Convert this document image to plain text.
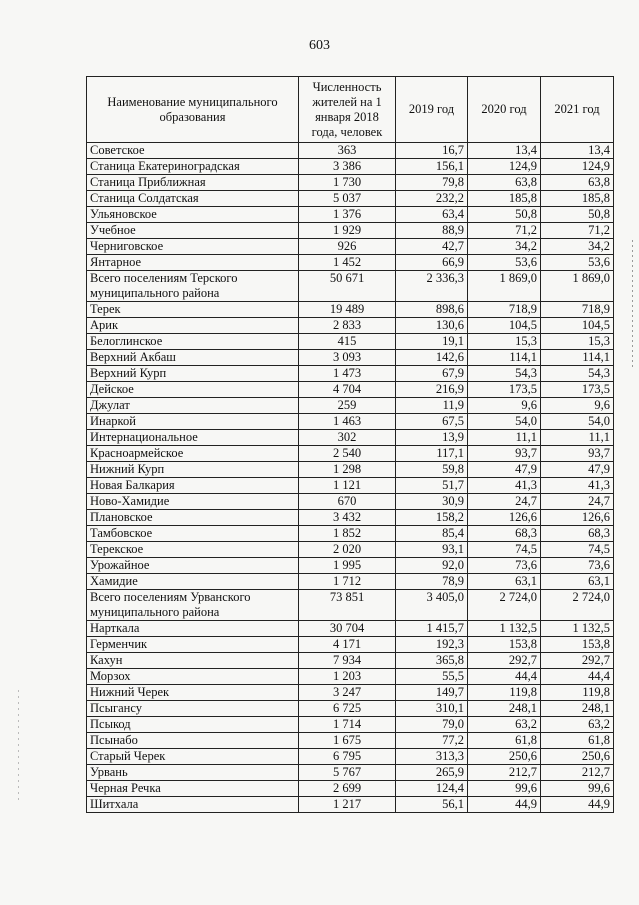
603
Наименование муниципального образования	Численность жителей на 1 января 2018 года, человек	2019 год	2020 год	2021 год
Советское	363	16,7	13,4	13,4
Станица Екатериноградская	3 386	156,1	124,9	124,9
Станица Приближная	1 730	79,8	63,8	63,8
Станица Солдатская	5 037	232,2	185,8	185,8
Ульяновское	1 376	63,4	50,8	50,8
Учебное	1 929	88,9	71,2	71,2
Черниговское	926	42,7	34,2	34,2
Янтарное	1 452	66,9	53,6	53,6
Всего поселениям Терского муниципального района	50 671	2 336,3	1 869,0	1 869,0
Терек	19 489	898,6	718,9	718,9
Арик	2 833	130,6	104,5	104,5
Белоглинское	415	19,1	15,3	15,3
Верхний Акбаш	3 093	142,6	114,1	114,1
Верхний Курп	1 473	67,9	54,3	54,3
Дейское	4 704	216,9	173,5	173,5
Джулат	259	11,9	9,6	9,6
Инаркой	1 463	67,5	54,0	54,0
Интернациональное	302	13,9	11,1	11,1
Красноармейское	2 540	117,1	93,7	93,7
Нижний Курп	1 298	59,8	47,9	47,9
Новая Балкария	1 121	51,7	41,3	41,3
Ново-Хамидие	670	30,9	24,7	24,7
Плановское	3 432	158,2	126,6	126,6
Тамбовское	1 852	85,4	68,3	68,3
Терекское	2 020	93,1	74,5	74,5
Урожайное	1 995	92,0	73,6	73,6
Хамидие	1 712	78,9	63,1	63,1
Всего поселениям Урванского муниципального района	73 851	3 405,0	2 724,0	2 724,0
Нарткала	30 704	1 415,7	1 132,5	1 132,5
Герменчик	4 171	192,3	153,8	153,8
Кахун	7 934	365,8	292,7	292,7
Морзох	1 203	55,5	44,4	44,4
Нижний Черек	3 247	149,7	119,8	119,8
Псыгансу	6 725	310,1	248,1	248,1
Псыкод	1 714	79,0	63,2	63,2
Псынабо	1 675	77,2	61,8	61,8
Старый Черек	6 795	313,3	250,6	250,6
Урвань	5 767	265,9	212,7	212,7
Черная Речка	2 699	124,4	99,6	99,6
Шитхала	1 217	56,1	44,9	44,9
